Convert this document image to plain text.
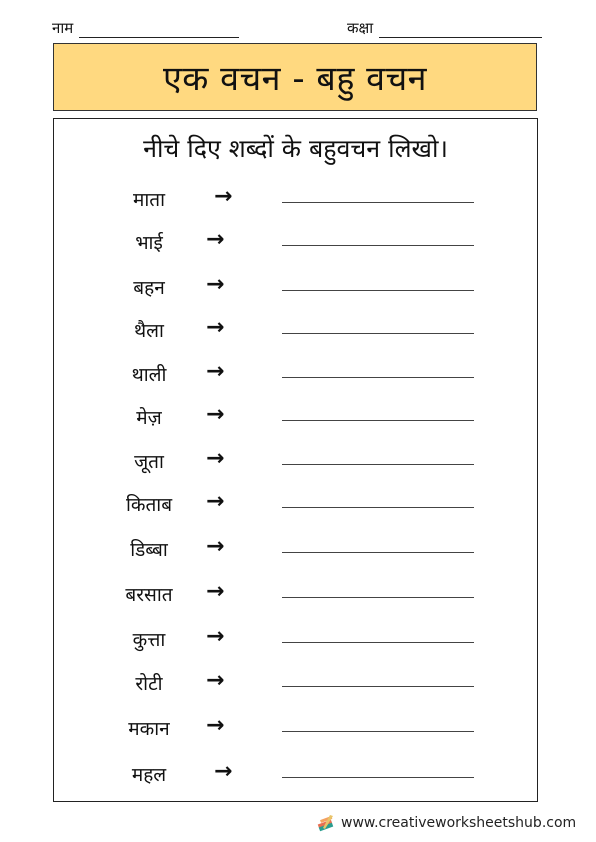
नाम	कक्षा
एक वचन - बहु वचन
नीचे दिए शब्दों के बहुवचन लिखो।
माता	→
भाई	→
बहन	→
थैला	→
थाली	→
मेज़	→
जूता	→
किताब	→
डिब्बा	→
बरसात	→
कुत्ता	→
रोटी	→
मकान	→
महल	→
www.creativeworksheetshub.com
